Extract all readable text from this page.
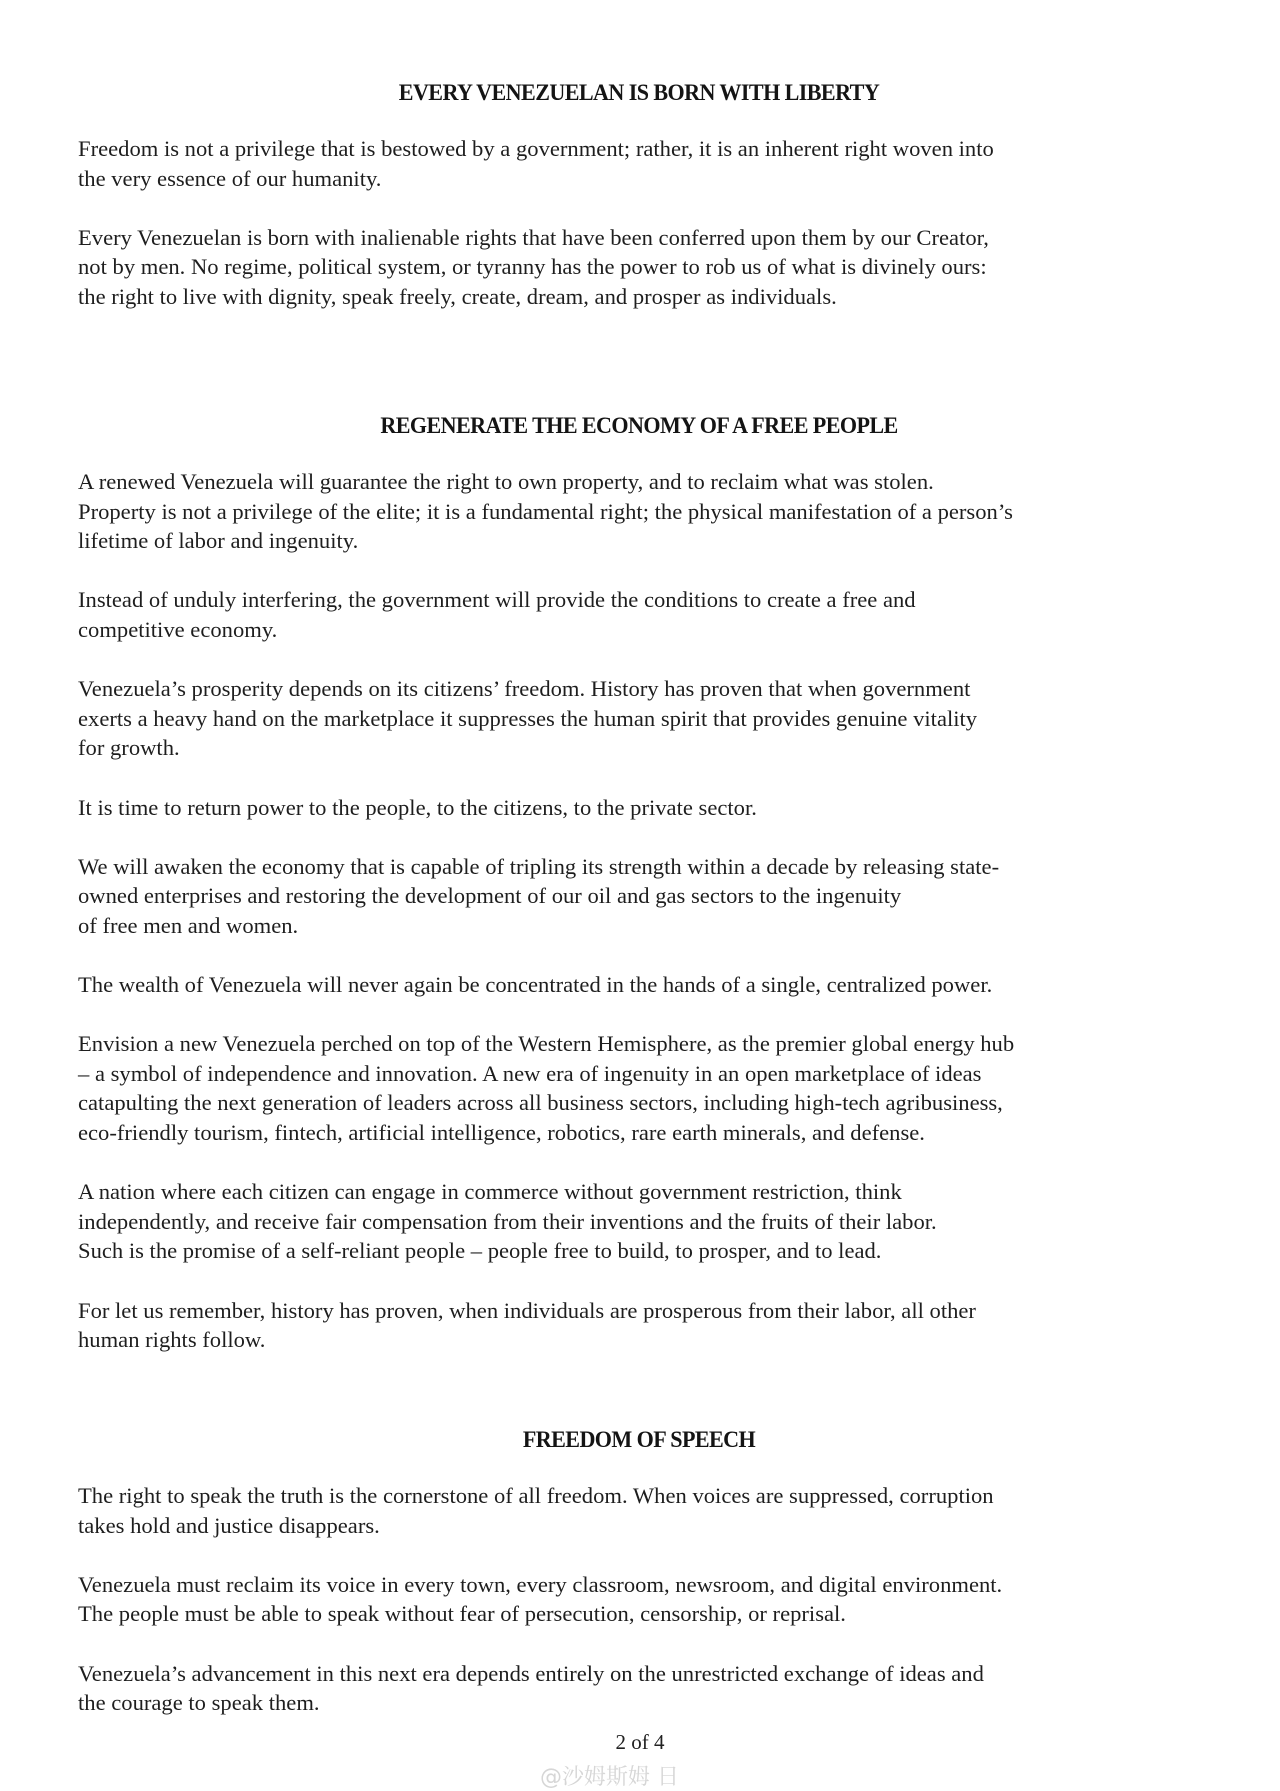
EVERY VENEZUELAN IS BORN WITH LIBERTY
Freedom is not a privilege that is bestowed by a government; rather, it is an inherent right woven into
the very essence of our humanity.
Every Venezuelan is born with inalienable rights that have been conferred upon them by our Creator,
not by men. No regime, political system, or tyranny has the power to rob us of what is divinely ours:
the right to live with dignity, speak freely, create, dream, and prosper as individuals.
REGENERATE THE ECONOMY OF A FREE PEOPLE
A renewed Venezuela will guarantee the right to own property, and to reclaim what was stolen.
Property is not a privilege of the elite; it is a fundamental right; the physical manifestation of a person’s
lifetime of labor and ingenuity.
Instead of unduly interfering, the government will provide the conditions to create a free and
competitive economy.
Venezuela’s prosperity depends on its citizens’ freedom. History has proven that when government
exerts a heavy hand on the marketplace it suppresses the human spirit that provides genuine vitality
for growth.
It is time to return power to the people, to the citizens, to the private sector.
We will awaken the economy that is capable of tripling its strength within a decade by releasing state-
owned enterprises and restoring the development of our oil and gas sectors to the ingenuity
of free men and women.
The wealth of Venezuela will never again be concentrated in the hands of a single, centralized power.
Envision a new Venezuela perched on top of the Western Hemisphere, as the premier global energy hub
– a symbol of independence and innovation. A new era of ingenuity in an open marketplace of ideas
catapulting the next generation of leaders across all business sectors, including high-tech agribusiness,
eco-friendly tourism, fintech, artificial intelligence, robotics, rare earth minerals, and defense.
A nation where each citizen can engage in commerce without government restriction, think
independently, and receive fair compensation from their inventions and the fruits of their labor.
Such is the promise of a self-reliant people – people free to build, to prosper, and to lead.
For let us remember, history has proven, when individuals are prosperous from their labor, all other
human rights follow.
FREEDOM OF SPEECH
The right to speak the truth is the cornerstone of all freedom. When voices are suppressed, corruption
takes hold and justice disappears.
Venezuela must reclaim its voice in every town, every classroom, newsroom, and digital environment.
The people must be able to speak without fear of persecution, censorship, or reprisal.
Venezuela’s advancement in this next era depends entirely on the unrestricted exchange of ideas and
the courage to speak them.
2 of 4
@沙姆斯姆 日
